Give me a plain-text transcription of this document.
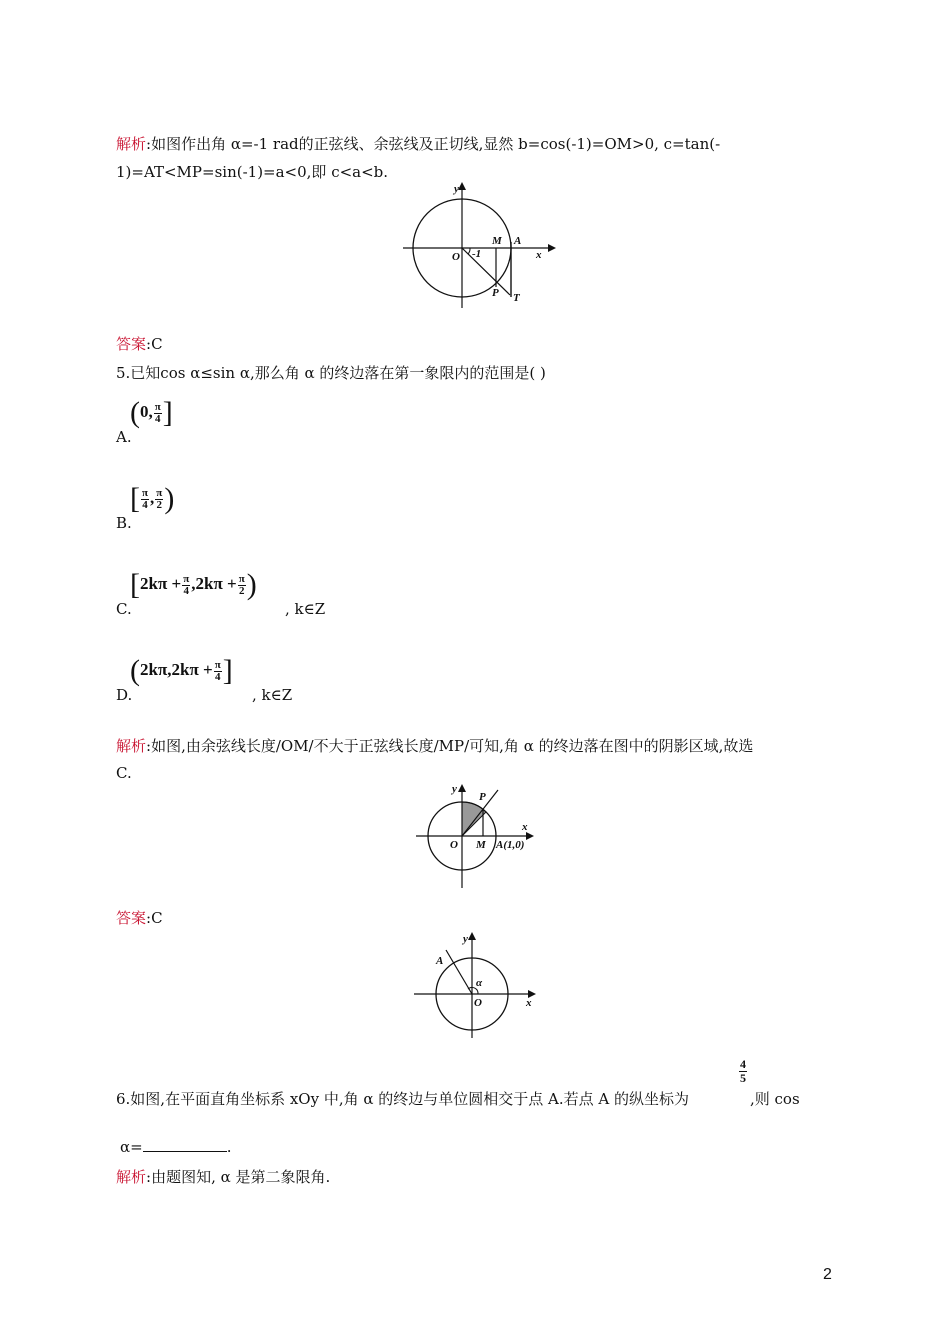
解析:如图作出角 α=-1 rad的正弦线、余弦线及正切线,显然 b=cos(-1)=OM>0, c=tan(-
1)=AT<MP=sin(-1)=a<0,即 c<a<b.
y
M A
O -1	x
P T
答案:C
5.已知cos α≤sin α,那么角 α 的终边落在第一象限内的范围是( )
(0, $\frac{\pi}{4}$ ]
A.
[ $\frac{\pi}{4}$ , $\frac{\pi}{2}$ )
B.
[$2k\pi + \frac{\pi}{4} ,2k\pi + \frac{\pi}{2}$ )
C.	, k∈Z
($2k\pi,2k\pi + \frac{\pi}{4}$ ]
D.	, k∈Z
解析:如图,由余弦线长度/OM/不大于正弦线长度/MP/可知,角 α 的终边落在图中的阴影区域,故选
C.
y
P
x
O M A(1,0)
答案:C
y
A
α
O	x
6.如图,在平面直角坐标系 xOy 中,角 α 的终边与单位圆相交于点 A.若点 A 的纵坐标为
$\frac{4}{5}$
,则 cos
α=	.
解析:由题图知, α 是第二象限角.
2
